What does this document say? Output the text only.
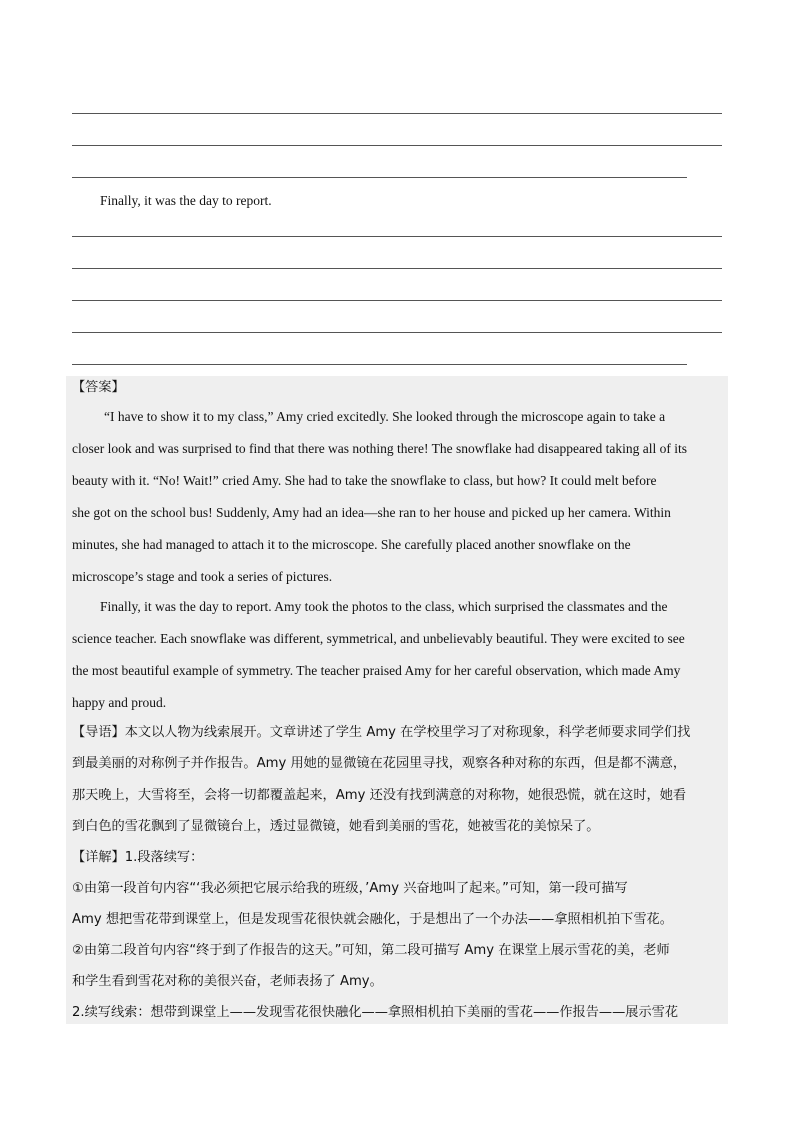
Finally, it was the day to report.
【答案】
“I have to show it to my class,” Amy cried excitedly. She looked through the microscope again to take a
closer look and was surprised to find that there was nothing there! The snowflake had disappeared taking all of its
beauty with it. “No! Wait!” cried Amy. She had to take the snowflake to class, but how? It could melt before
she got on the school bus! Suddenly, Amy had an idea—she ran to her house and picked up her camera. Within
minutes, she had managed to attach it to the microscope. She carefully placed another snowflake on the
microscope’s stage and took a series of pictures.
Finally, it was the day to report. Amy took the photos to the class, which surprised the classmates and the
science teacher. Each snowflake was different, symmetrical, and unbelievably beautiful. They were excited to see
the most beautiful example of symmetry. The teacher praised Amy for her careful observation, which made Amy
happy and proud.
【导语】本文以人物为线索展开。文章讲述了学生 Amy 在学校里学习了对称现象，科学老师要求同学们找
到最美丽的对称例子并作报告。Amy 用她的显微镜在花园里寻找，观察各种对称的东西，但是都不满意，
那天晚上，大雪将至，会将一切都覆盖起来，Amy 还没有找到满意的对称物，她很恐慌，就在这时，她看
到白色的雪花飘到了显微镜台上，透过显微镜，她看到美丽的雪花，她被雪花的美惊呆了。
【详解】1.段落续写：
①由第一段首句内容“‘我必须把它展示给我的班级，’Amy 兴奋地叫了起来。”可知，第一段可描写
Amy 想把雪花带到课堂上，但是发现雪花很快就会融化，于是想出了一个办法——拿照相机拍下雪花。
②由第二段首句内容“终于到了作报告的这天。”可知，第二段可描写 Amy 在课堂上展示雪花的美，老师
和学生看到雪花对称的美很兴奋，老师表扬了 Amy。
2.续写线索：想带到课堂上——发现雪花很快融化——拿照相机拍下美丽的雪花——作报告——展示雪花
